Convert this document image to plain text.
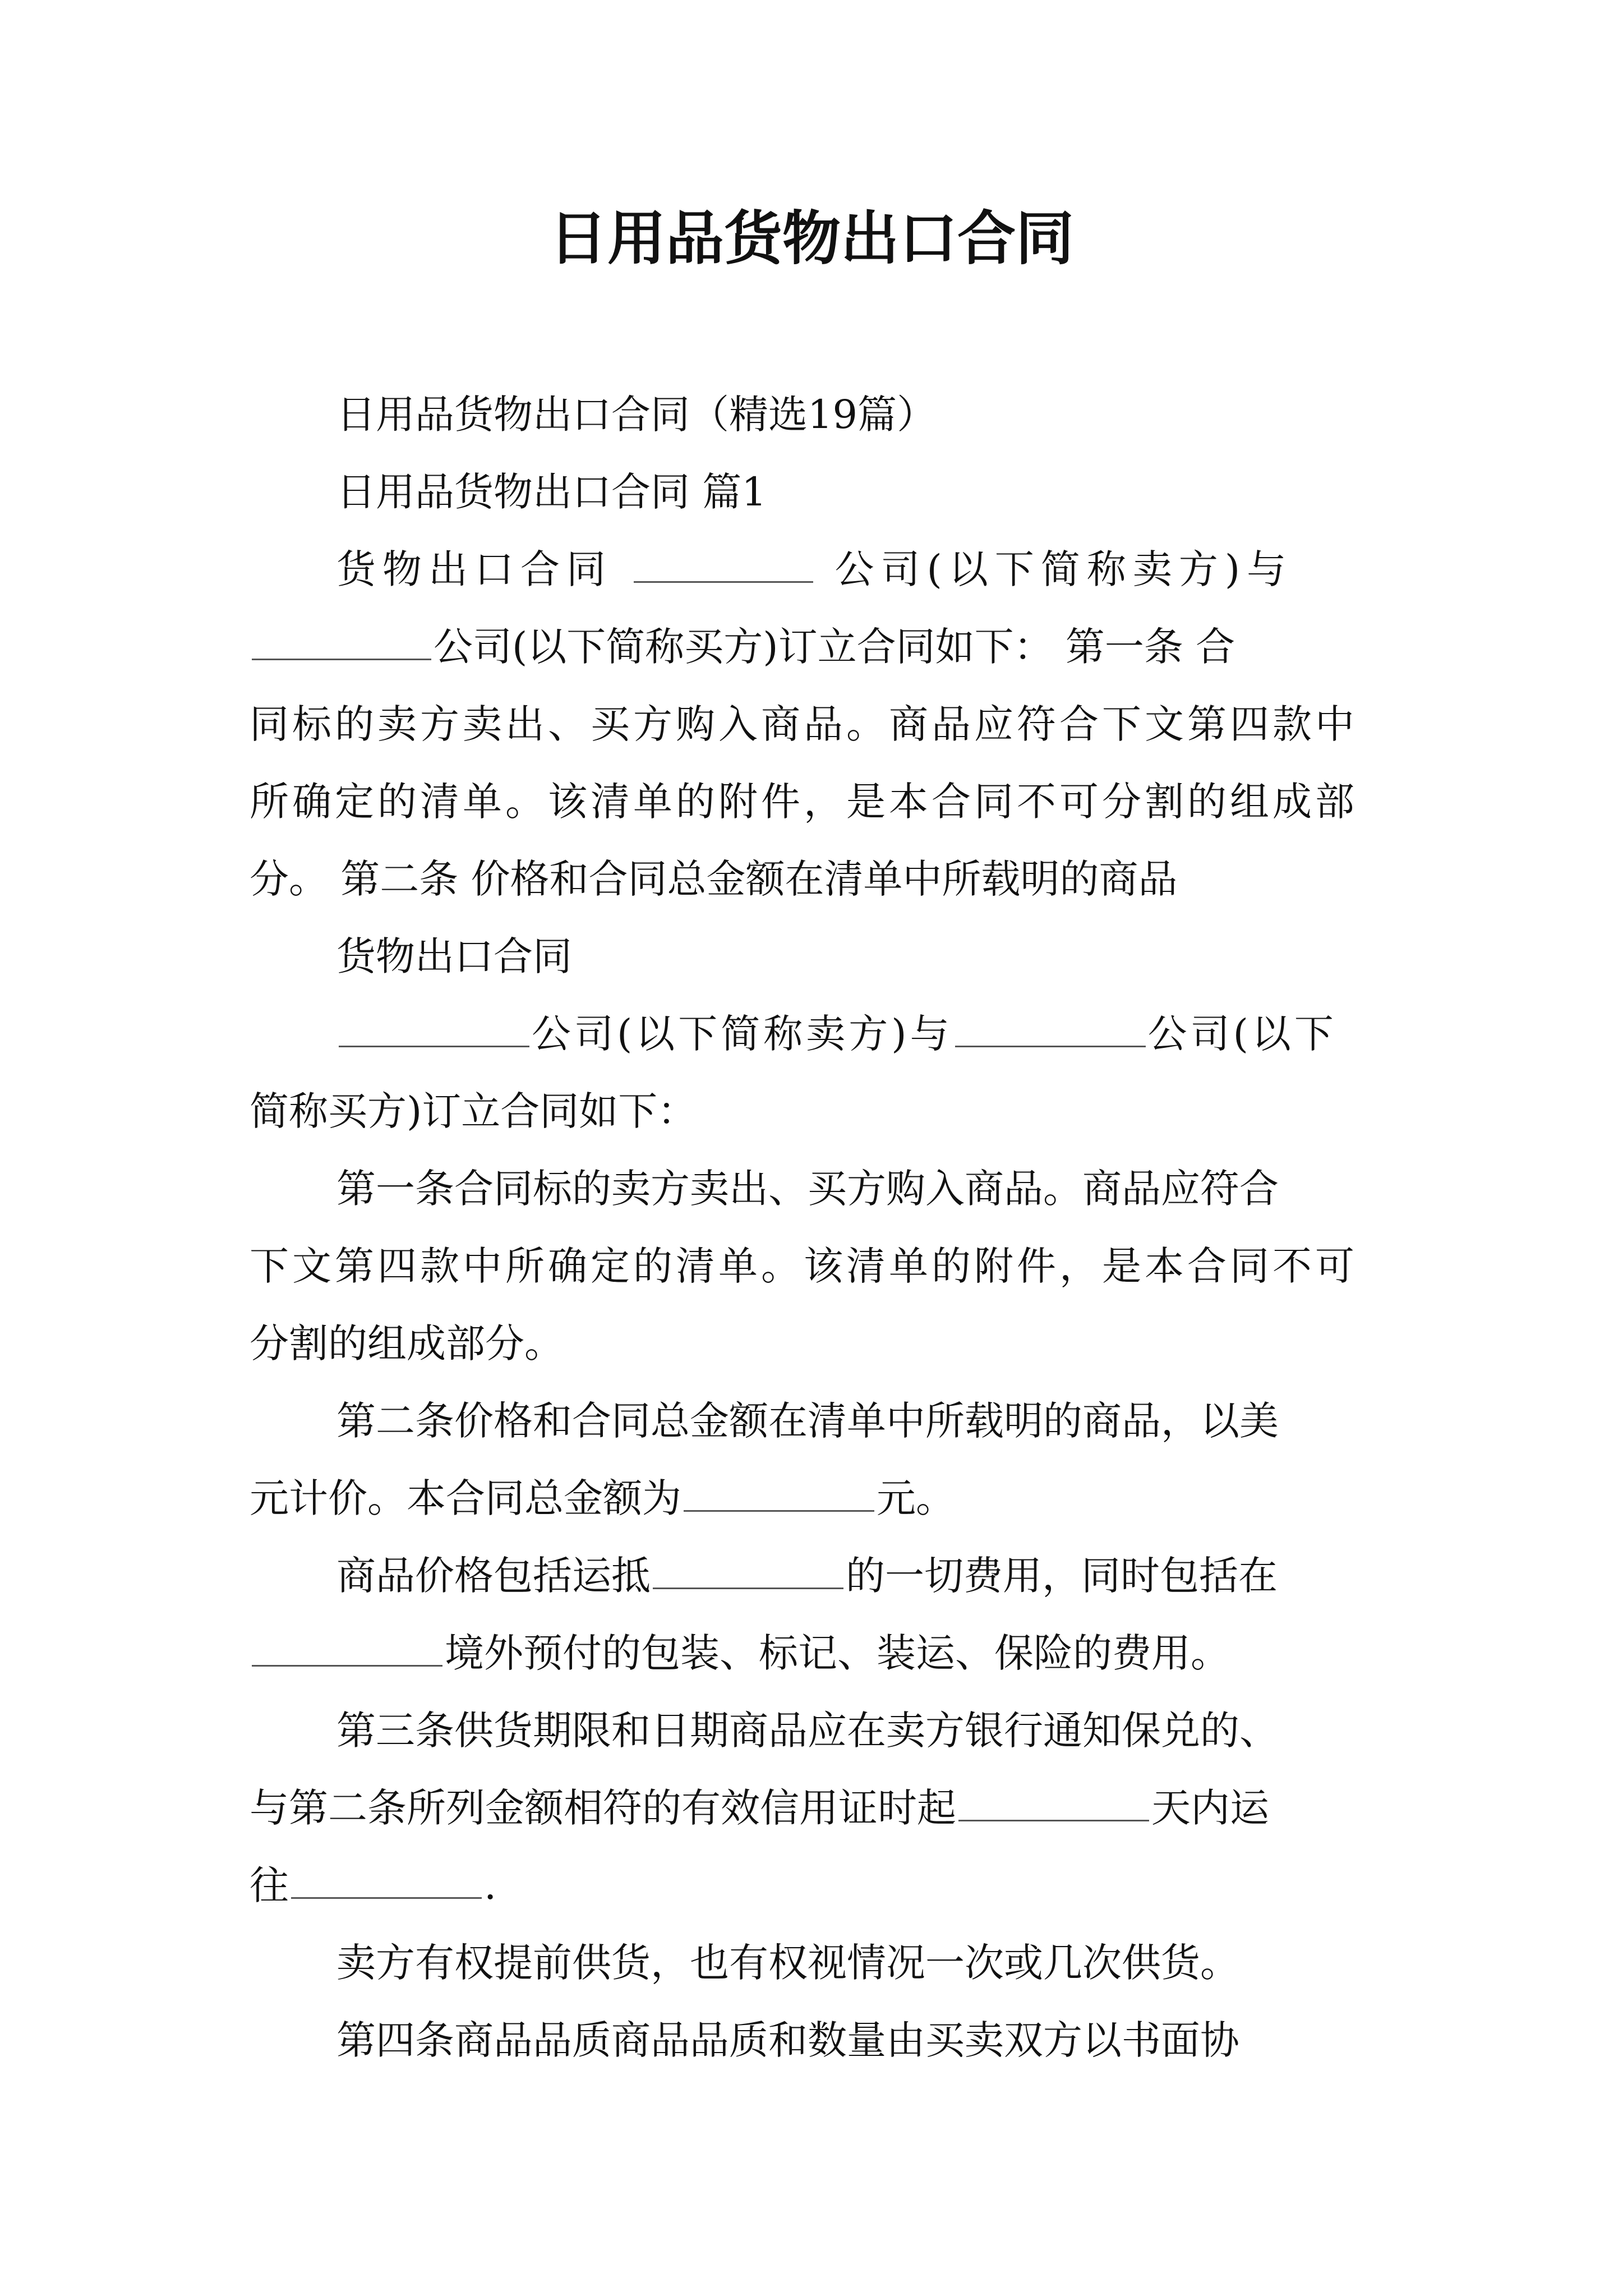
日用品货物出口合同
日用品货物出口合同（精选19篇）
日用品货物出口合同 篇1
货物出口合同	公司(以下简称卖方)与
公司(以下简称买方)订立合同如下： 第一条 合
同标的卖方卖出、买方购入商品。商品应符合下文第四款中
所确定的清单。该清单的附件，是本合同不可分割的组成部
分。 第二条 价格和合同总金额在清单中所载明的商品
货物出口合同
公司(以下简称卖方)与	公司(以下
简称买方)订立合同如下：
第一条合同标的卖方卖出、买方购入商品。商品应符合
下文第四款中所确定的清单。该清单的附件，是本合同不可
分割的组成部分。
第二条价格和合同总金额在清单中所载明的商品，以美
元计价。本合同总金额为	元。
商品价格包括运抵	的一切费用，同时包括在
境外预付的包装、标记、装运、保险的费用。
第三条供货期限和日期商品应在卖方银行通知保兑的、
与第二条所列金额相符的有效信用证时起	天内运
往	.
卖方有权提前供货，也有权视情况一次或几次供货。
第四条商品品质商品品质和数量由买卖双方以书面协
